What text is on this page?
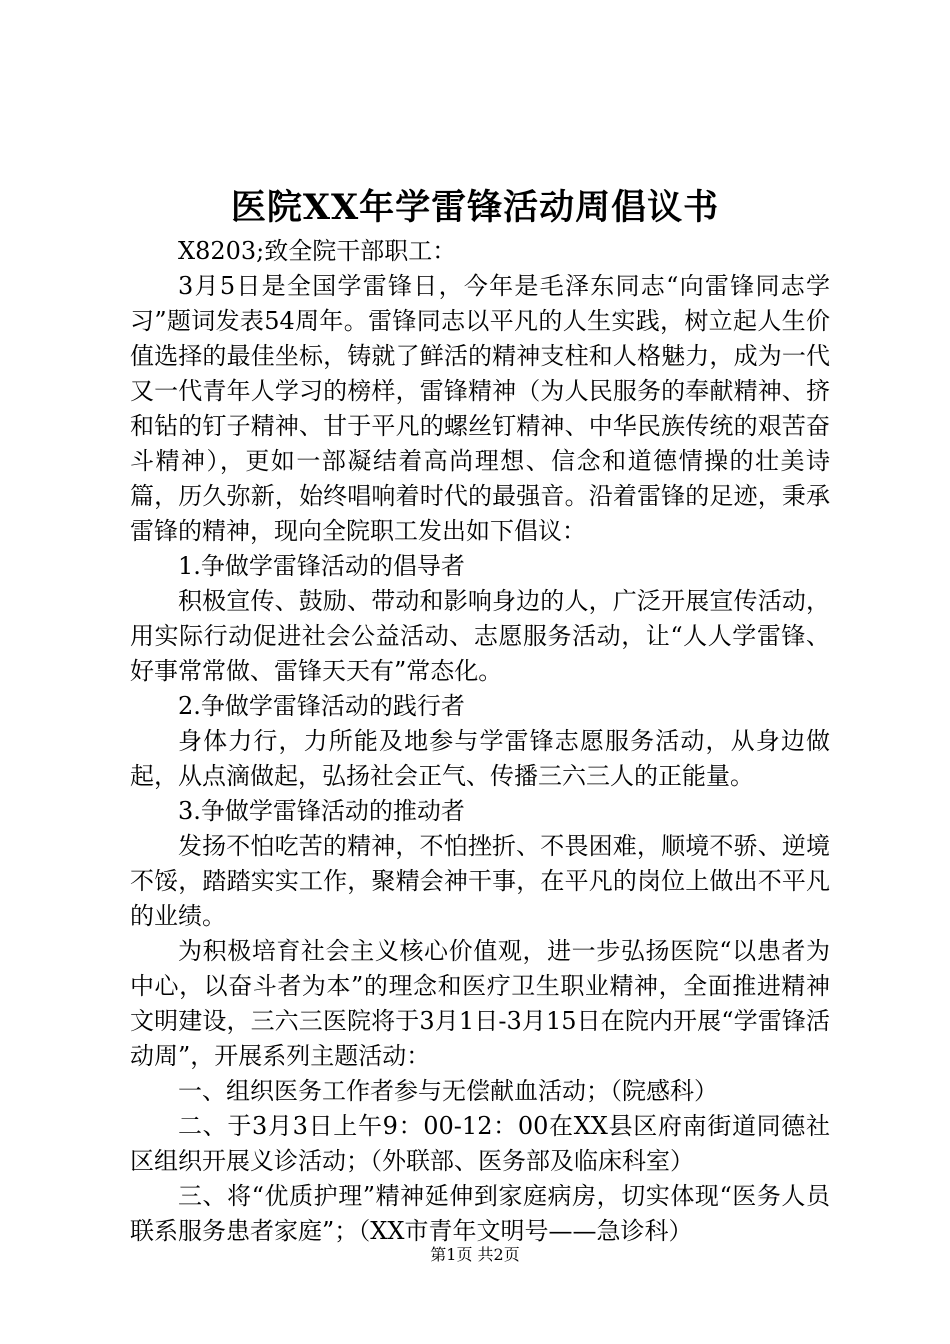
医院XX年学雷锋活动周倡议书

X8203;致全院干部职工：

3月5日是全国学雷锋日，今年是毛泽东同志“向雷锋同志学习”题词发表54周年。雷锋同志以平凡的人生实践，树立起人生价值选择的最佳坐标，铸就了鲜活的精神支柱和人格魅力，成为一代又一代青年人学习的榜样，雷锋精神（为人民服务的奉献精神、挤和钻的钉子精神、甘于平凡的螺丝钉精神、中华民族传统的艰苦奋斗精神），更如一部凝结着高尚理想、信念和道德情操的壮美诗篇，历久弥新，始终唱响着时代的最强音。沿着雷锋的足迹，秉承雷锋的精神，现向全院职工发出如下倡议：

1.争做学雷锋活动的倡导者

积极宣传、鼓励、带动和影响身边的人，广泛开展宣传活动，用实际行动促进社会公益活动、志愿服务活动，让“人人学雷锋、好事常常做、雷锋天天有”常态化。

2.争做学雷锋活动的践行者

身体力行，力所能及地参与学雷锋志愿服务活动，从身边做起，从点滴做起，弘扬社会正气、传播三六三人的正能量。

3.争做学雷锋活动的推动者

发扬不怕吃苦的精神，不怕挫折、不畏困难，顺境不骄、逆境不馁，踏踏实实工作，聚精会神干事，在平凡的岗位上做出不平凡的业绩。

为积极培育社会主义核心价值观，进一步弘扬医院“以患者为中心，以奋斗者为本”的理念和医疗卫生职业精神，全面推进精神文明建设，三六三医院将于3月1日-3月15日在院内开展“学雷锋活动周”，开展系列主题活动：

一、组织医务工作者参与无偿献血活动；（院感科）

二、于3月3日上午9：00-12：00在XX县区府南街道同德社区组织开展义诊活动；（外联部、医务部及临床科室）

三、将“优质护理”精神延伸到家庭病房，切实体现“医务人员联系服务患者家庭”；（XX市青年文明号——急诊科）

第1页 共2页
